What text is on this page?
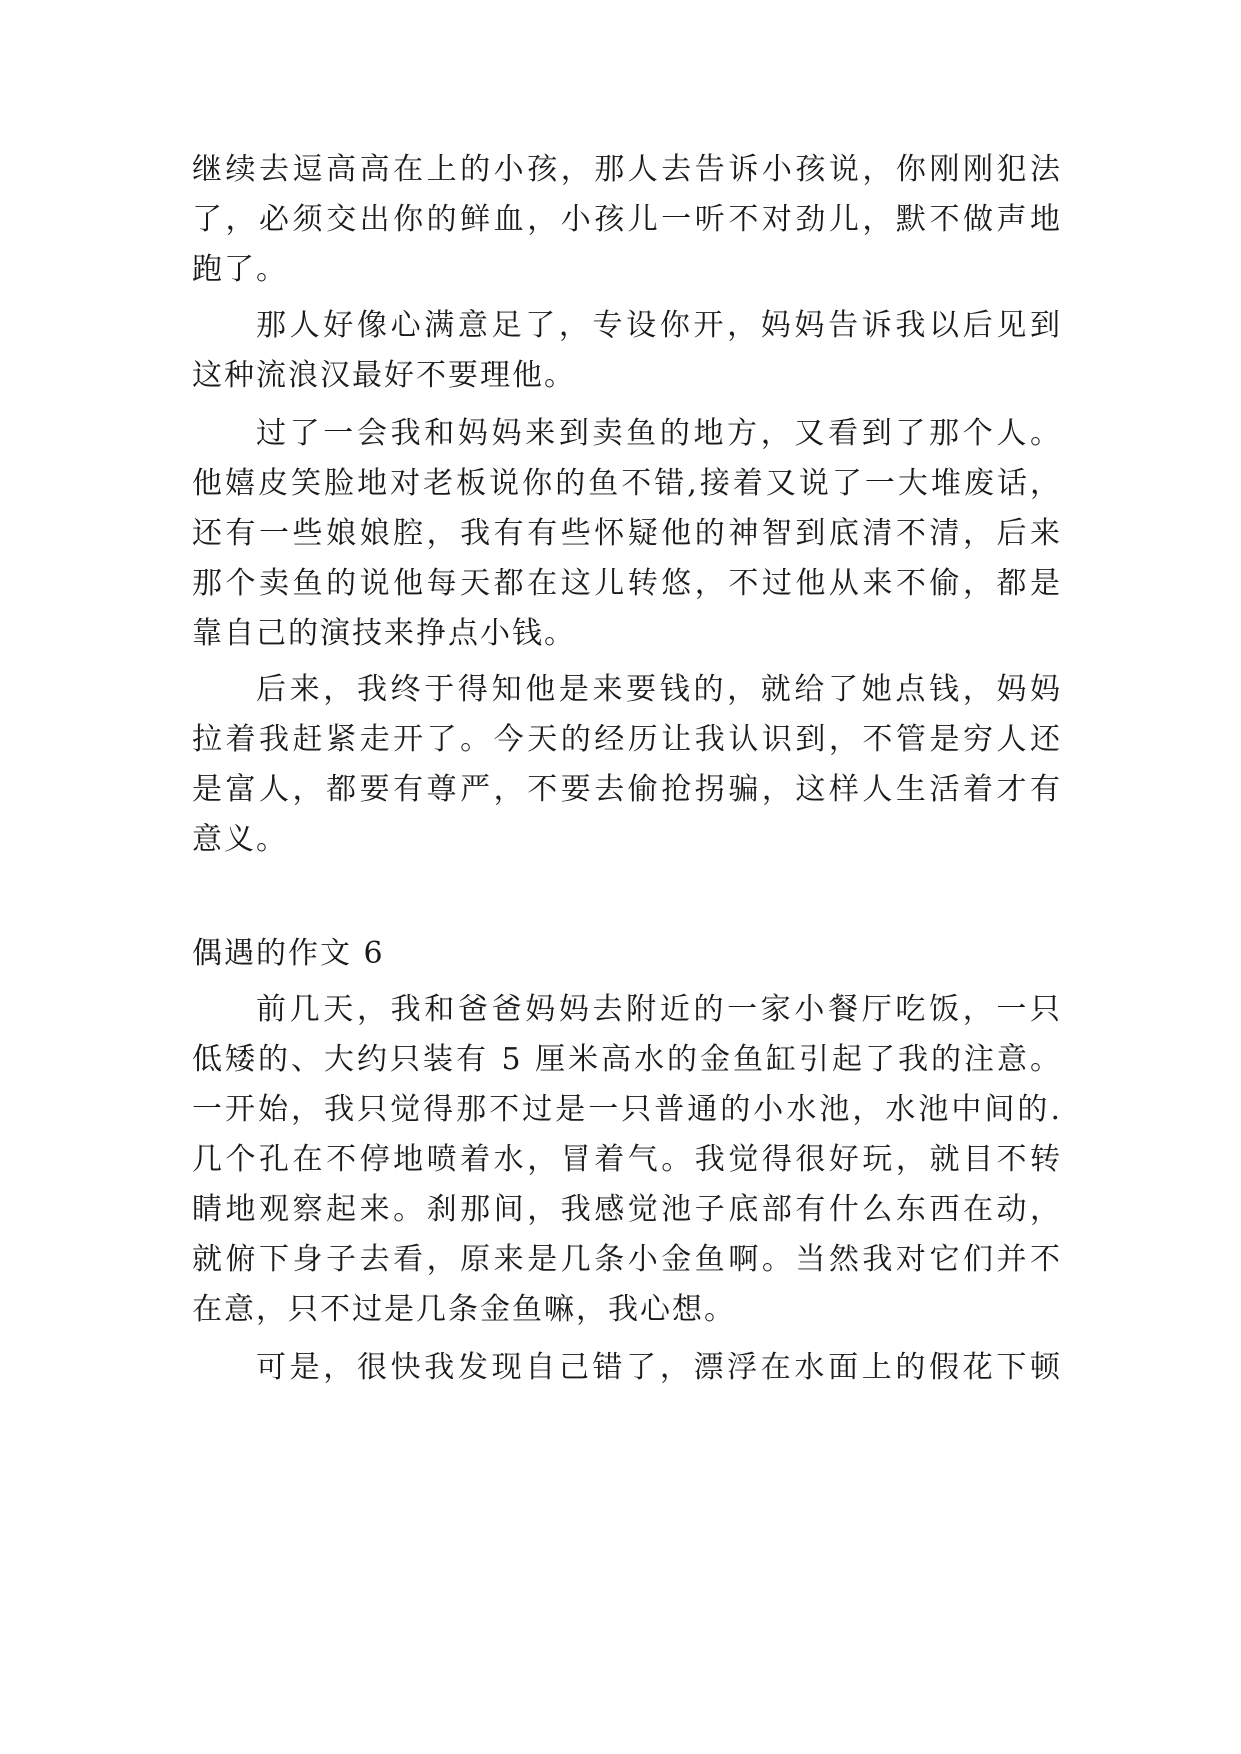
继续去逗高高在上的小孩，那人去告诉小孩说，你刚刚犯法

了，必须交出你的鲜血，小孩儿一听不对劲儿，默不做声地

跑了。

那人好像心满意足了，专设你开，妈妈告诉我以后见到

这种流浪汉最好不要理他。

过了一会我和妈妈来到卖鱼的地方，又看到了那个人。

他嬉皮笑脸地对老板说你的鱼不错,接着又说了一大堆废话，

还有一些娘娘腔，我有有些怀疑他的神智到底清不清，后来

那个卖鱼的说他每天都在这儿转悠，不过他从来不偷，都是

靠自己的演技来挣点小钱。

后来，我终于得知他是来要钱的，就给了她点钱，妈妈

拉着我赶紧走开了。今天的经历让我认识到，不管是穷人还

是富人，都要有尊严，不要去偷抢拐骗，这样人生活着才有

意义。

偶遇的作文 6

前几天，我和爸爸妈妈去附近的一家小餐厅吃饭，一只

低矮的、大约只装有 5 厘米高水的金鱼缸引起了我的注意。

一开始，我只觉得那不过是一只普通的小水池，水池中间的.

几个孔在不停地喷着水，冒着气。我觉得很好玩，就目不转

睛地观察起来。刹那间，我感觉池子底部有什么东西在动，

就俯下身子去看，原来是几条小金鱼啊。当然我对它们并不

在意，只不过是几条金鱼嘛，我心想。

可是，很快我发现自己错了，漂浮在水面上的假花下顿
